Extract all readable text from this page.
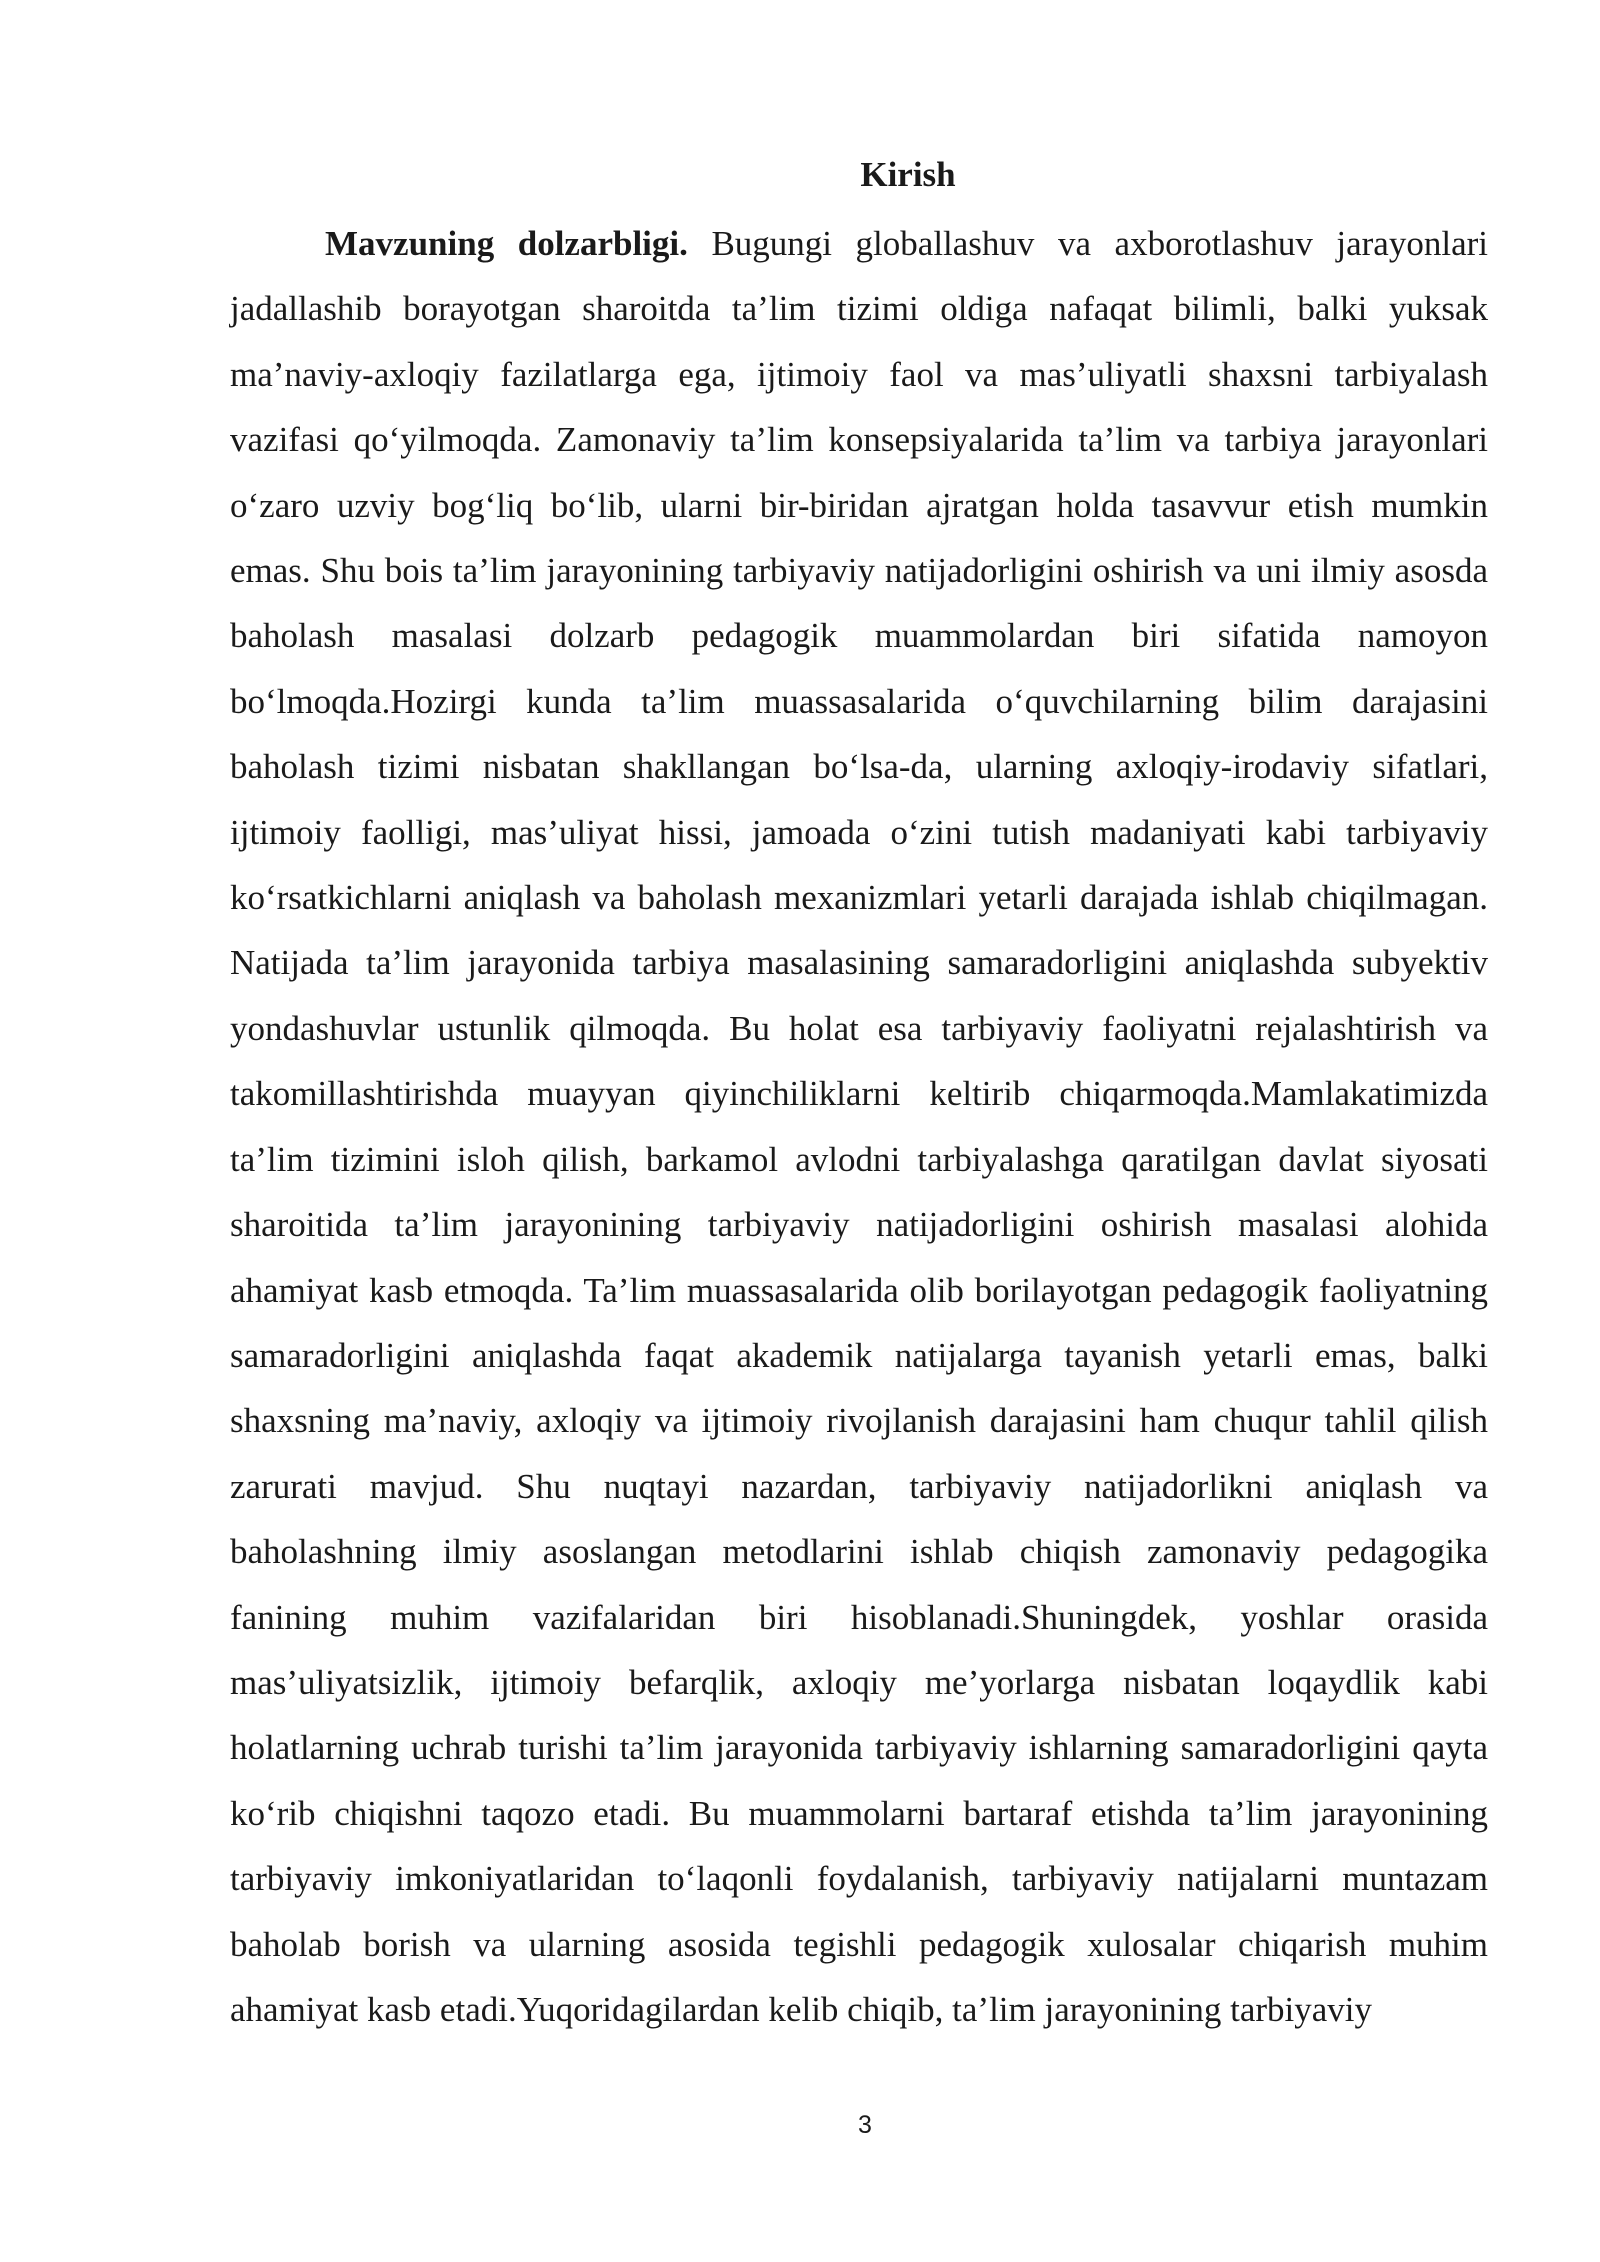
Kirish

Mavzuning dolzarbligi. Bugungi globallashuv va axborotlashuv jarayonlari jadallashib borayotgan sharoitda ta’lim tizimi oldiga nafaqat bilimli, balki yuksak ma’naviy-axloqiy fazilatlarga ega, ijtimoiy faol va mas’uliyatli shaxsni tarbiyalash vazifasi qo‘yilmoqda. Zamonaviy ta’lim konsepsiyalarida ta’lim va tarbiya jarayonlari o‘zaro uzviy bog‘liq bo‘lib, ularni bir-biridan ajratgan holda tasavvur etish mumkin emas. Shu bois ta’lim jarayonining tarbiyaviy natijadorligini oshirish va uni ilmiy asosda baholash masalasi dolzarb pedagogik muammolardan biri sifatida namoyon bo‘lmoqda.Hozirgi kunda ta’lim muassasalarida o‘quvchilarning bilim darajasini baholash tizimi nisbatan shakllangan bo‘lsa-da, ularning axloqiy-irodaviy sifatlari, ijtimoiy faolligi, mas’uliyat hissi, jamoada o‘zini tutish madaniyati kabi tarbiyaviy ko‘rsatkichlarni aniqlash va baholash mexanizmlari yetarli darajada ishlab chiqilmagan. Natijada ta’lim jarayonida tarbiya masalasining samaradorligini aniqlashda subyektiv yondashuvlar ustunlik qilmoqda. Bu holat esa tarbiyaviy faoliyatni rejalashtirish va takomillashtirishda muayyan qiyinchiliklarni keltirib chiqarmoqda.Mamlakatimizda ta’lim tizimini isloh qilish, barkamol avlodni tarbiyalashga qaratilgan davlat siyosati sharoitida ta’lim jarayonining tarbiyaviy natijadorligini oshirish masalasi alohida ahamiyat kasb etmoqda. Ta’lim muassasalarida olib borilayotgan pedagogik faoliyatning samaradorligini aniqlashda faqat akademik natijalarga tayanish yetarli emas, balki shaxsning ma’naviy, axloqiy va ijtimoiy rivojlanish darajasini ham chuqur tahlil qilish zarurati mavjud. Shu nuqtayi nazardan, tarbiyaviy natijadorlikni aniqlash va baholashning ilmiy asoslangan metodlarini ishlab chiqish zamonaviy pedagogika fanining muhim vazifalaridan biri hisoblanadi.Shuningdek, yoshlar orasida mas’uliyatsizlik, ijtimoiy befarqlik, axloqiy me’yorlarga nisbatan loqaydlik kabi holatlarning uchrab turishi ta’lim jarayonida tarbiyaviy ishlarning samaradorligini qayta ko‘rib chiqishni taqozo etadi. Bu muammolarni bartaraf etishda ta’lim jarayonining tarbiyaviy imkoniyatlaridan to‘laqonli foydalanish, tarbiyaviy natijalarni muntazam baholab borish va ularning asosida tegishli pedagogik xulosalar chiqarish muhim ahamiyat kasb etadi.Yuqoridagilardan kelib chiqib, ta’lim jarayonining tarbiyaviy

3
